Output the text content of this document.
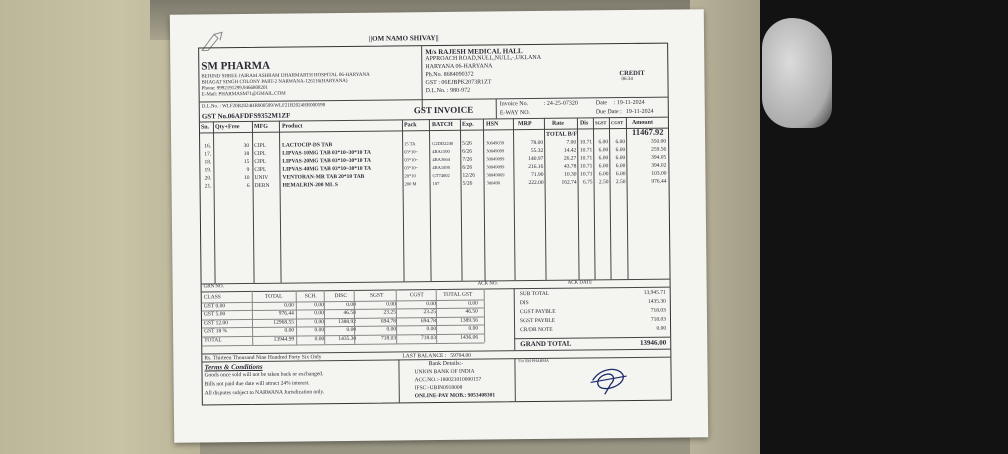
||OM NAMO SHIVAY||
SM PHARMA
BEHIND SHREE JAIRAM ASHRAM DHARMARTH HOSPITAL 06-HARYANA
BHAGAT SINGH COLONY PART-2 NARWANA-126116(HARYANA)
Phone: 9992191299,9466808201
E-Mail: PHARMASM71@GMAIL.COM
M/s RAJESH MEDICAL HALL
APPROACH ROAD,NULL,NULL,-,UKLANA
HARYANA 06-HARYANA
Ph.No. 8684090372
GST : 06EJBPK2073R1ZT
D.L.No. : 980-972
CREDIT
06:34
D.L.No. : WLF20B2024HR000599/WLF21B2024HR000598
GST No.06AFDFS9352M1ZF
GST INVOICE
Invoice No.	: 24-25-07320	Date : 19-11-2024
E-WAY NO.	Due Date : 19-11-2024
Sn. Qty+Free MFG Product	Pack	BATCH Exp. HSN	MRP	Rate	Dis SGST CGST Amount
TOTAL B/F	11467.92
16.	30 CIPL	LACTOCIP-DS TAB	15 TA	G2DD2240	5/26	30049039	78.00	7.00 10.71	6.00	6.00	350.00
17.	18 CIPL	LIPVAS-10MG TAB 03*10~30*10 TA	03*10~	4BA1500	6/26	30049099	55.32	14.42 10.71	6.00	6.00	259.56
18.	15 CIPL	LIPVAS-20MG TAB 03*10~30*10 TA	03*10~	4BA3664	7/26	30049099	140.97	26.27 10.71	6.00	6.00	394.05
19.	9 CIPL	LIPVAS-40MG TAB 03*10~30*10 TA	03*10~	4BA1898	6/26	30049099	216.16	43.78 10.71	6.00	6.00	394.02
20.	10 UNIV	VENTORAN-MR TAB 20*10 TAB	20*10	GT74002	12/26	30049069	71.90	10.30 10.71	6.00	6.00	103.00
21.	6 DERN	HEMALRIN-200 ML S	200 M	107	5/26	300490	222.00	162.74	6.75	2.50	2.50	976.44
GRN NO.
ACK NO.	ACK DATE
CLASS	TOTAL	SCH.	DISC	SGST	CGST	TOTAL GST
GST 0.00	0.00	0.00	0.00	0.00	0.00	0.00
GST 5.00	976.44	0.00	46.58	23.25	23.25	46.50
GST 12.00	12968.55	0.00	1388.92	694.78	694.78	1389.56
GST 18 %	0.00	0.00	0.00	0.00	0.00	0.00
TOTAL	13944.99	0.00	1435.30	718.03	718.03	1436.06
SUB TOTAL	13,945.71
DIS	1435.30
CGST PAYBLE	718.03
SGST PAYBLE	718.03
CR/DR NOTE	0.00
GRAND TOTAL	13946.00
Rs. Thirteen Thousand Nine Hundred Forty Six Only	LAST BALANCE : 59704.00
Terms & Conditions
Goods once sold will not be taken back or exchanged.
Bills not paid due date will attract 24% interest.
All disputes subject to NARWANA Jurisdication only.
Bank Details:-
UNION BANK OF INDIA
ACC.NO.:-180021010000157
IFSC:-UBIN0918008
ONLINE-PAY MOB.: 9053408301
For SM PHARMA
